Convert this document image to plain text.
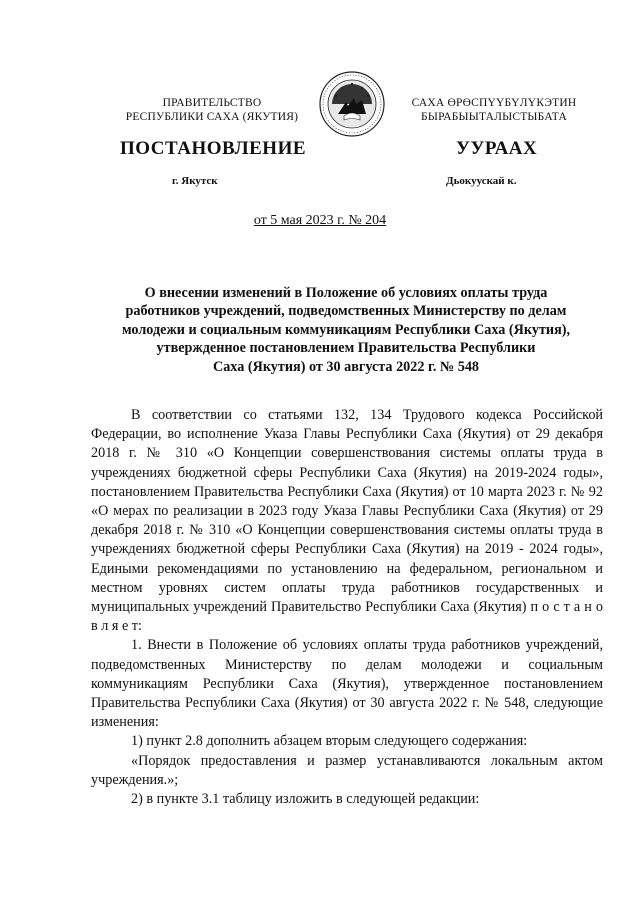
ПРАВИТЕЛЬСТВО
РЕСПУБЛИКИ САХА (ЯКУТИЯ)
САХА ӨРӨСПҮҮБҮЛҮКЭТИН
БЫРАБЫЫТАЛЫСТЫБАТА
ПОСТАНОВЛЕНИЕ	УУРААХ
г. Якутск	Дьокуускай к.
от 5 мая 2023 г. № 204
О внесении изменений в Положение об условиях оплаты труда
работников учреждений, подведомственных Министерству по делам
молодежи и социальным коммуникациям Республики Саха (Якутия),
утвержденное постановлением Правительства Республики
Саха (Якутия) от 30 августа 2022 г. № 548

В соответствии со статьями 132, 134 Трудового кодекса Российской Федерации, во исполнение Указа Главы Республики Саха (Якутия) от 29 декабря 2018 г. № 310 «О Концепции совершенствования системы оплаты труда в учреждениях бюджетной сферы Республики Саха (Якутия) на 2019-2024 годы», постановлением Правительства Республики Саха (Якутия) от 10 марта 2023 г. № 92 «О мерах по реализации в 2023 году Указа Главы Республики Саха (Якутия) от 29 декабря 2018 г. № 310 «О Концепции совершенствования системы оплаты труда в учреждениях бюджетной сферы Республики Саха (Якутия) на 2019 - 2024 годы», Едиными рекомендациями по установлению на федеральном, региональном и местном уровнях систем оплаты труда работников государственных и муниципальных учреждений Правительство Республики Саха (Якутия) п о с т а н о в л я е т:

1. Внести в Положение об условиях оплаты труда работников учреждений, подведомственных Министерству по делам молодежи и социальным коммуникациям Республики Саха (Якутия), утвержденное постановлением Правительства Республики Саха (Якутия) от 30 августа 2022 г. № 548, следующие изменения:

1) пункт 2.8 дополнить абзацем вторым следующего содержания:

«Порядок предоставления и размер устанавливаются локальным актом учреждения.»;

2) в пункте 3.1 таблицу изложить в следующей редакции:
